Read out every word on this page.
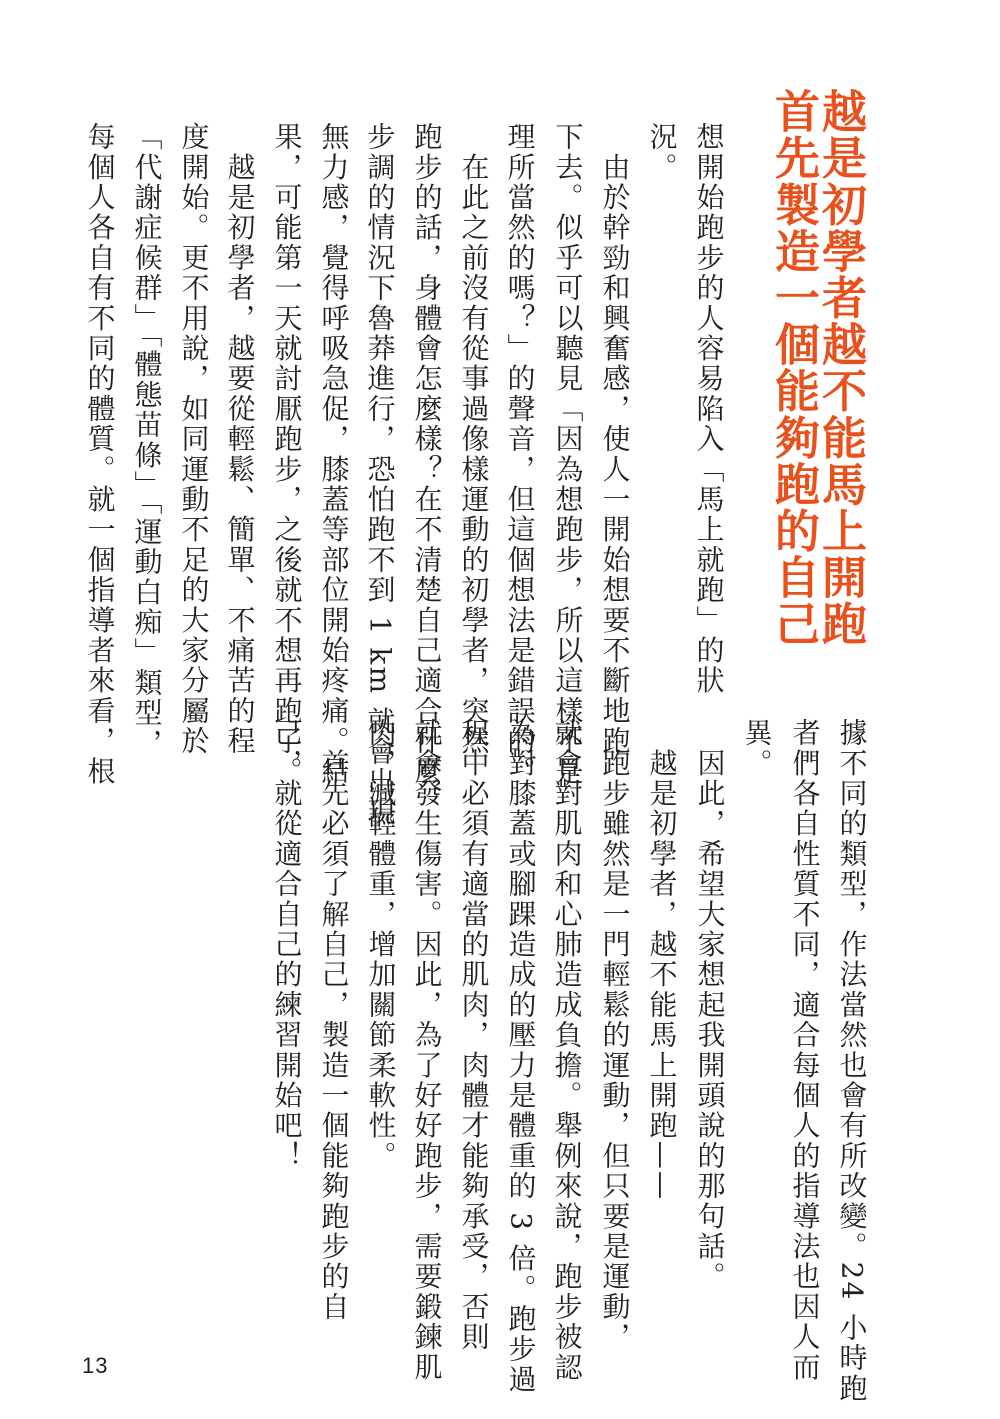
越是初學者越不能馬上開跑
首先製造一個能夠跑的自己

想開始跑步的人容易陷入「馬上就跑」的狀

況。

　由於幹勁和興奮感，使人一開始想要不斷地跑

下去。似乎可以聽見「因為想跑步，所以這樣不是

理所當然的嗎？」的聲音，但這個想法是錯誤的。

　在此之前沒有從事過像樣運動的初學者，突然

跑步的話，身體會怎麼樣？在不清楚自己適合什麼

步調的情況下魯莽進行，恐怕跑不到 1 km 就會出現

無力感，覺得呼吸急促，膝蓋等部位開始疼痛。結

果，可能第一天就討厭跑步，之後就不想再跑了。

　越是初學者，越要從輕鬆、簡單、不痛苦的程

度開始。更不用說，如同運動不足的大家分屬於

「代謝症候群」「體態苗條」「運動白痴」類型，

每個人各自有不同的體質。就一個指導者來看，根

據不同的類型，作法當然也會有所改變。24 小時跑

者們各自性質不同，適合每個人的指導法也因人而

異。

　因此，希望大家想起我開頭說的那句話。

　越是初學者，越不能馬上開跑——

　跑步雖然是一門輕鬆的運動，但只要是運動，

就會對肌肉和心肺造成負擔。舉例來說，跑步被認

為對膝蓋或腳踝造成的壓力是體重的 3 倍。跑步過

程中必須有適當的肌肉，肉體才能夠承受，否則

就會發生傷害。因此，為了好好跑步，需要鍛鍊肌

肉，減輕體重，增加關節柔軟性。

　首先必須了解自己，製造一個能夠跑步的自

己，就從適合自己的練習開始吧！

13
